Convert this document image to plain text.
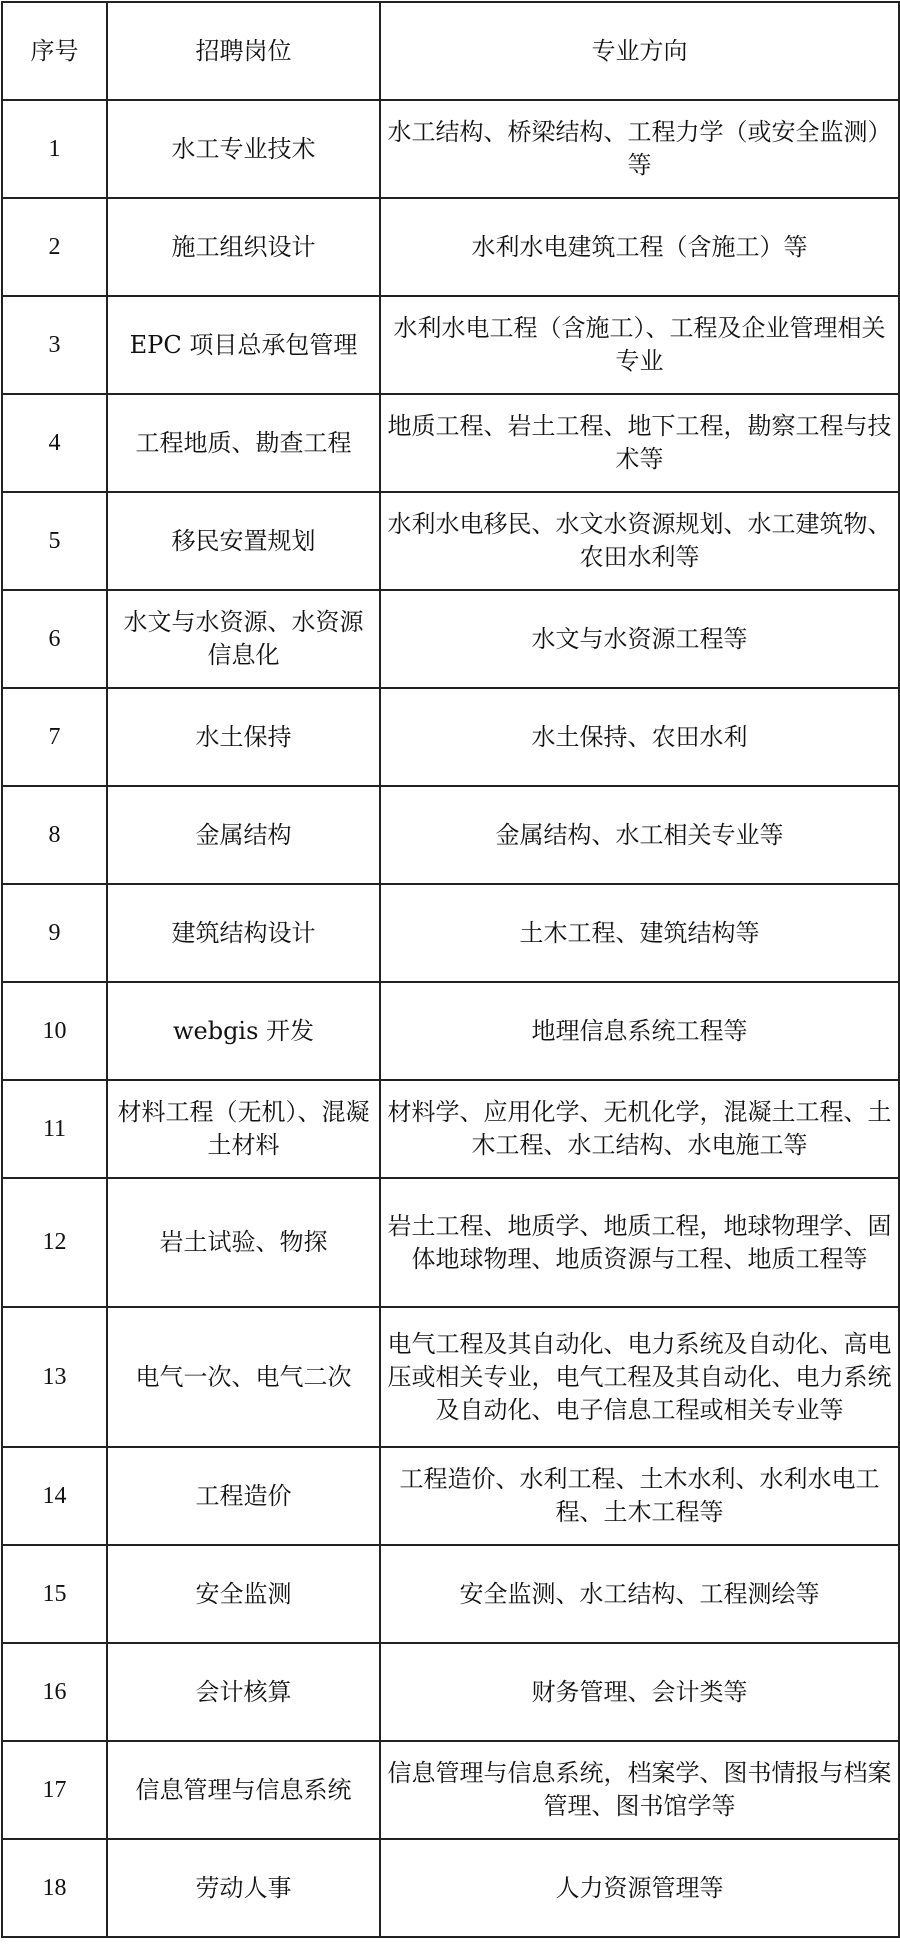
序号	招聘岗位	专业方向
1	水工专业技术	水工结构、桥梁结构、工程力学（或安全监测）等
2	施工组织设计	水利水电建筑工程（含施工）等
3	EPC 项目总承包管理	水利水电工程（含施工）、工程及企业管理相关专业
4	工程地质、勘查工程	地质工程、岩土工程、地下工程，勘察工程与技术等
5	移民安置规划	水利水电移民、水文水资源规划、水工建筑物、农田水利等
6	水文与水资源、水资源信息化	水文与水资源工程等
7	水土保持	水土保持、农田水利
8	金属结构	金属结构、水工相关专业等
9	建筑结构设计	土木工程、建筑结构等
10	webgis 开发	地理信息系统工程等
11	材料工程（无机）、混凝土材料	材料学、应用化学、无机化学，混凝土工程、土木工程、水工结构、水电施工等
12	岩土试验、物探	岩土工程、地质学、地质工程，地球物理学、固体地球物理、地质资源与工程、地质工程等
13	电气一次、电气二次	电气工程及其自动化、电力系统及自动化、高电压或相关专业，电气工程及其自动化、电力系统及自动化、电子信息工程或相关专业等
14	工程造价	工程造价、水利工程、土木水利、水利水电工程、土木工程等
15	安全监测	安全监测、水工结构、工程测绘等
16	会计核算	财务管理、会计类等
17	信息管理与信息系统	信息管理与信息系统，档案学、图书情报与档案管理、图书馆学等
18	劳动人事	人力资源管理等
